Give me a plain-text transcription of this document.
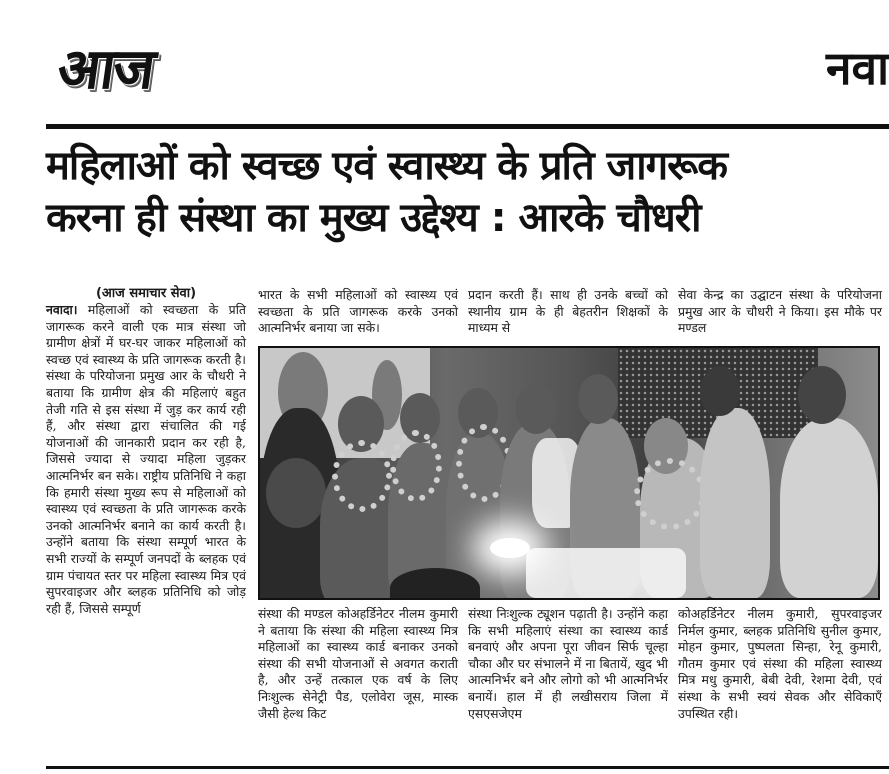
आज	नवा
महिलाओं को स्वच्छ एवं स्वास्थ्य के प्रति जागरूक
करना ही संस्था का मुख्य उद्देश्य : आरके चौधरी
(आज समाचार सेवा)

नवादा। महिलाओं को स्वच्छता के प्रति जागरूक करने वाली एक मात्र संस्था जो ग्रामीण क्षेत्रों में घर-घर जाकर महिलाओं को स्वच्छ एवं स्वास्थ्य के प्रति जागरूक करती है। संस्था के परियोजना प्रमुख आर के चौधरी ने बताया कि ग्रामीण क्षेत्र की महिलाएं बहुत तेजी गति से इस संस्था में जुड़ कर कार्य रही हैं, और संस्था द्वारा संचालित की गई योजनाओं की जानकारी प्रदान कर रही है, जिससे ज्यादा से ज्यादा महिला जुड़कर आत्मनिर्भर बन सके। राष्ट्रीय प्रतिनिधि ने कहा कि हमारी संस्था मुख्य रूप से महिलाओं को स्वास्थ्य एवं स्वच्छता के प्रति जागरूक करके उनको आत्मनिर्भर बनाने का कार्य करती है। उन्होंने बताया कि संस्था सम्पूर्ण भारत के सभी राज्यों के सम्पूर्ण जनपदों के ब्लहक एवं ग्राम पंचायत स्तर पर महिला स्वास्थ्य मित्र एवं सुपरवाइजर और ब्लहक प्रतिनिधि को जोड़ रही हैं, जिससे सम्पूर्ण

भारत के सभी महिलाओं को स्वास्थ्य एवं स्वच्छता के प्रति जागरूक करके उनको आत्मनिर्भर बनाया जा सके।

प्रदान करती हैं। साथ ही उनके बच्चों को स्थानीय ग्राम के ही बेहतरीन शिक्षकों के माध्यम से

सेवा केन्द्र का उद्घाटन संस्था के परियोजना प्रमुख आर के चौधरी ने किया। इस मौके पर मण्डल

संस्था की मण्डल कोअहर्डिनेटर नीलम कुमारी ने बताया कि संस्था की महिला स्वास्थ्य मित्र महिलाओं का स्वास्थ्य कार्ड बनाकर उनको संस्था की सभी योजनाओं से अवगत कराती है, और उन्हें तत्काल एक वर्ष के लिए निःशुल्क सेनेट्री पैड, एलोवेरा जूस, मास्क जैसी हेल्थ किट

संस्था निःशुल्क ट्यूशन पढ़ाती है। उन्होंने कहा कि सभी महिलाएं संस्था का स्वास्थ्य कार्ड बनवाएं और अपना पूरा जीवन सिर्फ चूल्हा चौका और घर संभालने में ना बितायें, खुद भी आत्मनिर्भर बने और लोगो को भी आत्मनिर्भर बनायें। हाल में ही लखीसराय जिला में एसएसजेएम

कोअहर्डिनेटर नीलम कुमारी, सुपरवाइजर निर्मल कुमार, ब्लहक प्रतिनिधि सुनील कुमार, मोहन कुमार, पुष्पलता सिन्हा, रेनू कुमारी, गौतम कुमार एवं संस्था की महिला स्वास्थ्य मित्र मधु कुमारी, बेबी देवी, रेशमा देवी, एवं संस्था के सभी स्वयं सेवक और सेविकाएँ उपस्थित रही।
